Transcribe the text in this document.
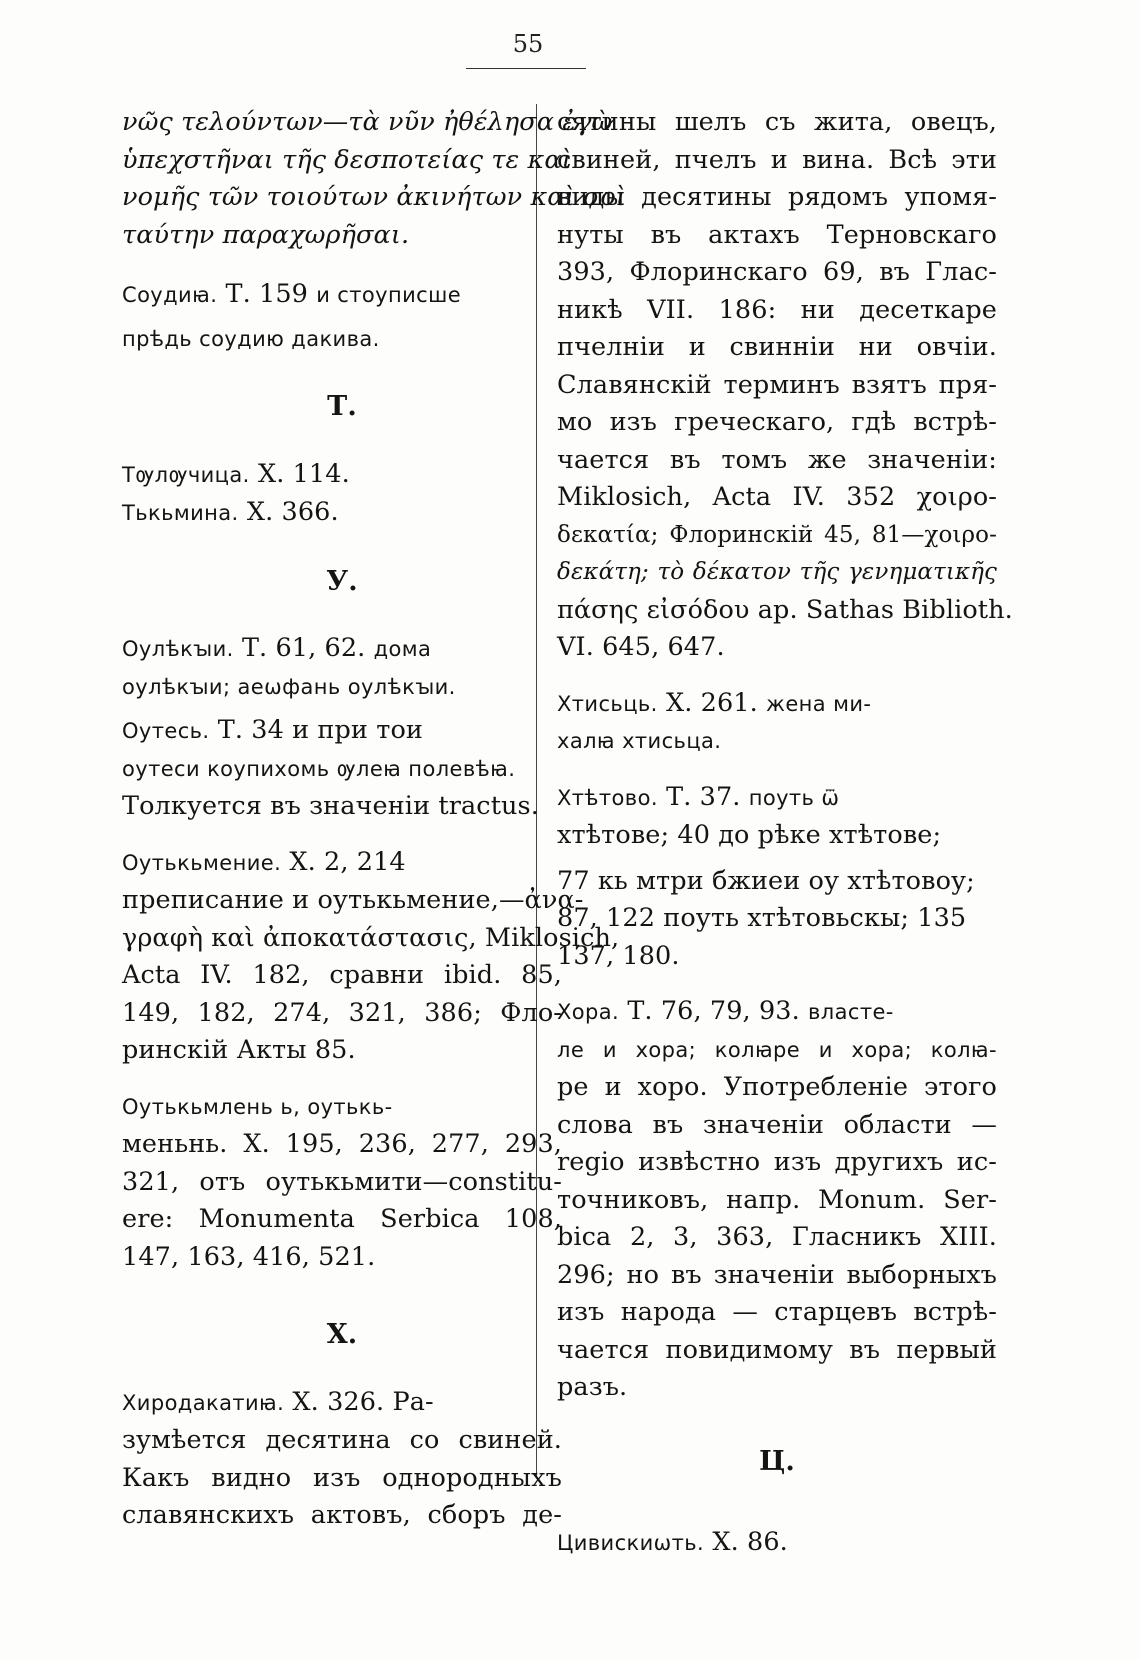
55
νῶς τελούντων—τὰ νῦν ἠθέλησα ἐγὼ
ὑπεχστῆναι τῆς δεσποτείας τε καὶ
νομῆς τῶν τοιούτων ἀκινήτων καὶ σοὶ
ταύτην παραχωρῆσαι.
Соудиꙗ. Т. 159 и стоуписше
прѣдь соудию дакива.
Т.
Тѹлѹчица. Х. 114.
Тькьмина. Х. 366.
У.
Оулѣкꙑи. Т. 61, 62. дома
оулѣкꙑи; аеѡфань оулѣкꙑи.
Оутесь. Т. 34 и при тои
оутеси коупихомь ѹлеꙗ полевѣꙗ.
Толкуется въ значеніи tractus.
Оутькьмение. Х. 2, 214
преписание и оутькьмение,—ἀνα-
γραφὴ καὶ ἀποκατάστασις, Miklosich,
Acta IV. 182, сравни ibid. 85,
149, 182, 274, 321, 386; Фло-
ринскій Акты 85.
Оутькьмлень ь, оутькь-
меньнь. Х. 195, 236, 277, 293,
321, отъ оутькьмити—constitu-
ere: Monumenta Serbica 108,
147, 163, 416, 521.
Х.
Хиродакатиꙗ. Х. 326. Ра-
зумѣется десятина со свиней.
Какъ видно изъ однородныхъ
славянскихъ актовъ, сборъ де-
сятины шелъ съ жита, овецъ,
свиней, пчелъ и вина. Всѣ эти
виды десятины рядомъ упомя-
нуты въ актахъ Терновскаго
393, Флоринскаго 69, въ Глас-
никѣ VII. 186: ни десеткаре
пчелніи и свинніи ни овчіи.
Славянскій терминъ взятъ пря-
мо изъ греческаго, гдѣ встрѣ-
чается въ томъ же значеніи:
Miklosich, Acta IV. 352 χοιρο-
δεκατία; Флоринскій 45, 81—χοιρο-
δεκάτη; τὸ δέκατον τῆς γενηματικῆς
πάσης εἰσόδου ap. Sathas Biblioth.
VI. 645, 647.
Хтисьць. Х. 261. жена ми-
халꙗ хтисьца.
Хтѣтово. Т. 37. поуть ѿ
хтѣтове; 40 до рѣке хтѣтове;
77 кь мтри бжиеи оу хтѣтовоу;
87, 122 поуть хтѣтовьскы; 135
137, 180.
Хора. Т. 76, 79, 93. властe-
ле и хора; колꙗре и хора; колꙗ-
ре и хоро. Употребленіе этого
слова въ значеніи области —
regio извѣстно изъ другихъ ис-
точниковъ, напр. Monum. Ser-
bica 2, 3, 363, Гласникъ XIII.
296; но въ значеніи выборныхъ
изъ народа — старцевъ встрѣ-
чается повидимому въ первый
разъ.
Ц.
Цивискиѡть. Х. 86.
